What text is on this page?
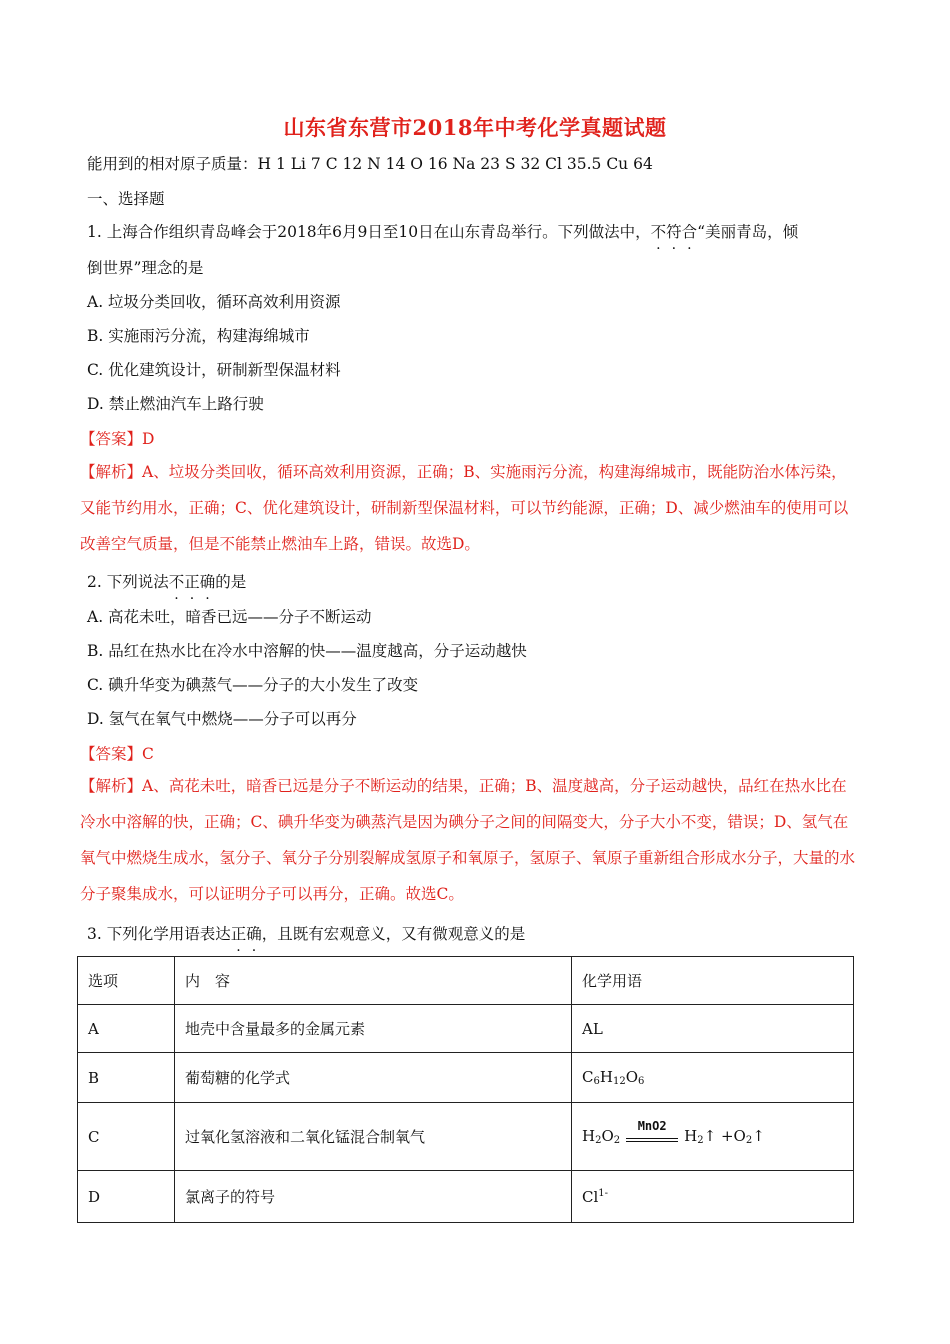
山东省东营市2018年中考化学真题试题
能用到的相对原子质量：H 1 Li 7 C 12 N 14 O 16 Na 23 S 32 Cl 35.5 Cu 64
一、选择题
1. 上海合作组织青岛峰会于2018年6月9日至10日在山东青岛举行。下列做法中，不符合“美丽青岛，倾
倒世界”理念的是
A. 垃圾分类回收，循环高效利用资源
B. 实施雨污分流，构建海绵城市
C. 优化建筑设计，研制新型保温材料
D. 禁止燃油汽车上路行驶
【答案】D
【解析】A、垃圾分类回收，循环高效利用资源，正确；B、实施雨污分流，构建海绵城市，既能防治水体污染，又能节约用水，正确；C、优化建筑设计，研制新型保温材料，可以节约能源，正确；D、减少燃油车的使用可以改善空气质量，但是不能禁止燃油车上路，错误。故选D。
2. 下列说法不正确的是
A. 高花未吐，暗香已远——分子不断运动
B. 品红在热水比在冷水中溶解的快——温度越高，分子运动越快
C. 碘升华变为碘蒸气——分子的大小发生了改变
D. 氢气在氧气中燃烧——分子可以再分
【答案】C
【解析】A、高花未吐，暗香已远是分子不断运动的结果，正确；B、温度越高，分子运动越快，品红在热水比在冷水中溶解的快，正确；C、碘升华变为碘蒸汽是因为碘分子之间的间隔变大，分子大小不变，错误；D、氢气在氧气中燃烧生成水，氢分子、氧分子分别裂解成氢原子和氧原子，氢原子、氧原子重新组合形成水分子，大量的水分子聚集成水，可以证明分子可以再分，正确。故选C。
3. 下列化学用语表达正确，且既有宏观意义，又有微观意义的是
选项	内　容	化学用语
A	地壳中含量最多的金属元素	AL
B	葡萄糖的化学式	$C_6H_{12}O_6$
C	过氧化氢溶液和二氧化锰混合制氧气	$H_2O_2$
MnO2
$H_2↑$ $+O_2↑$
D	氯离子的符号	$Cl^{1-}$
